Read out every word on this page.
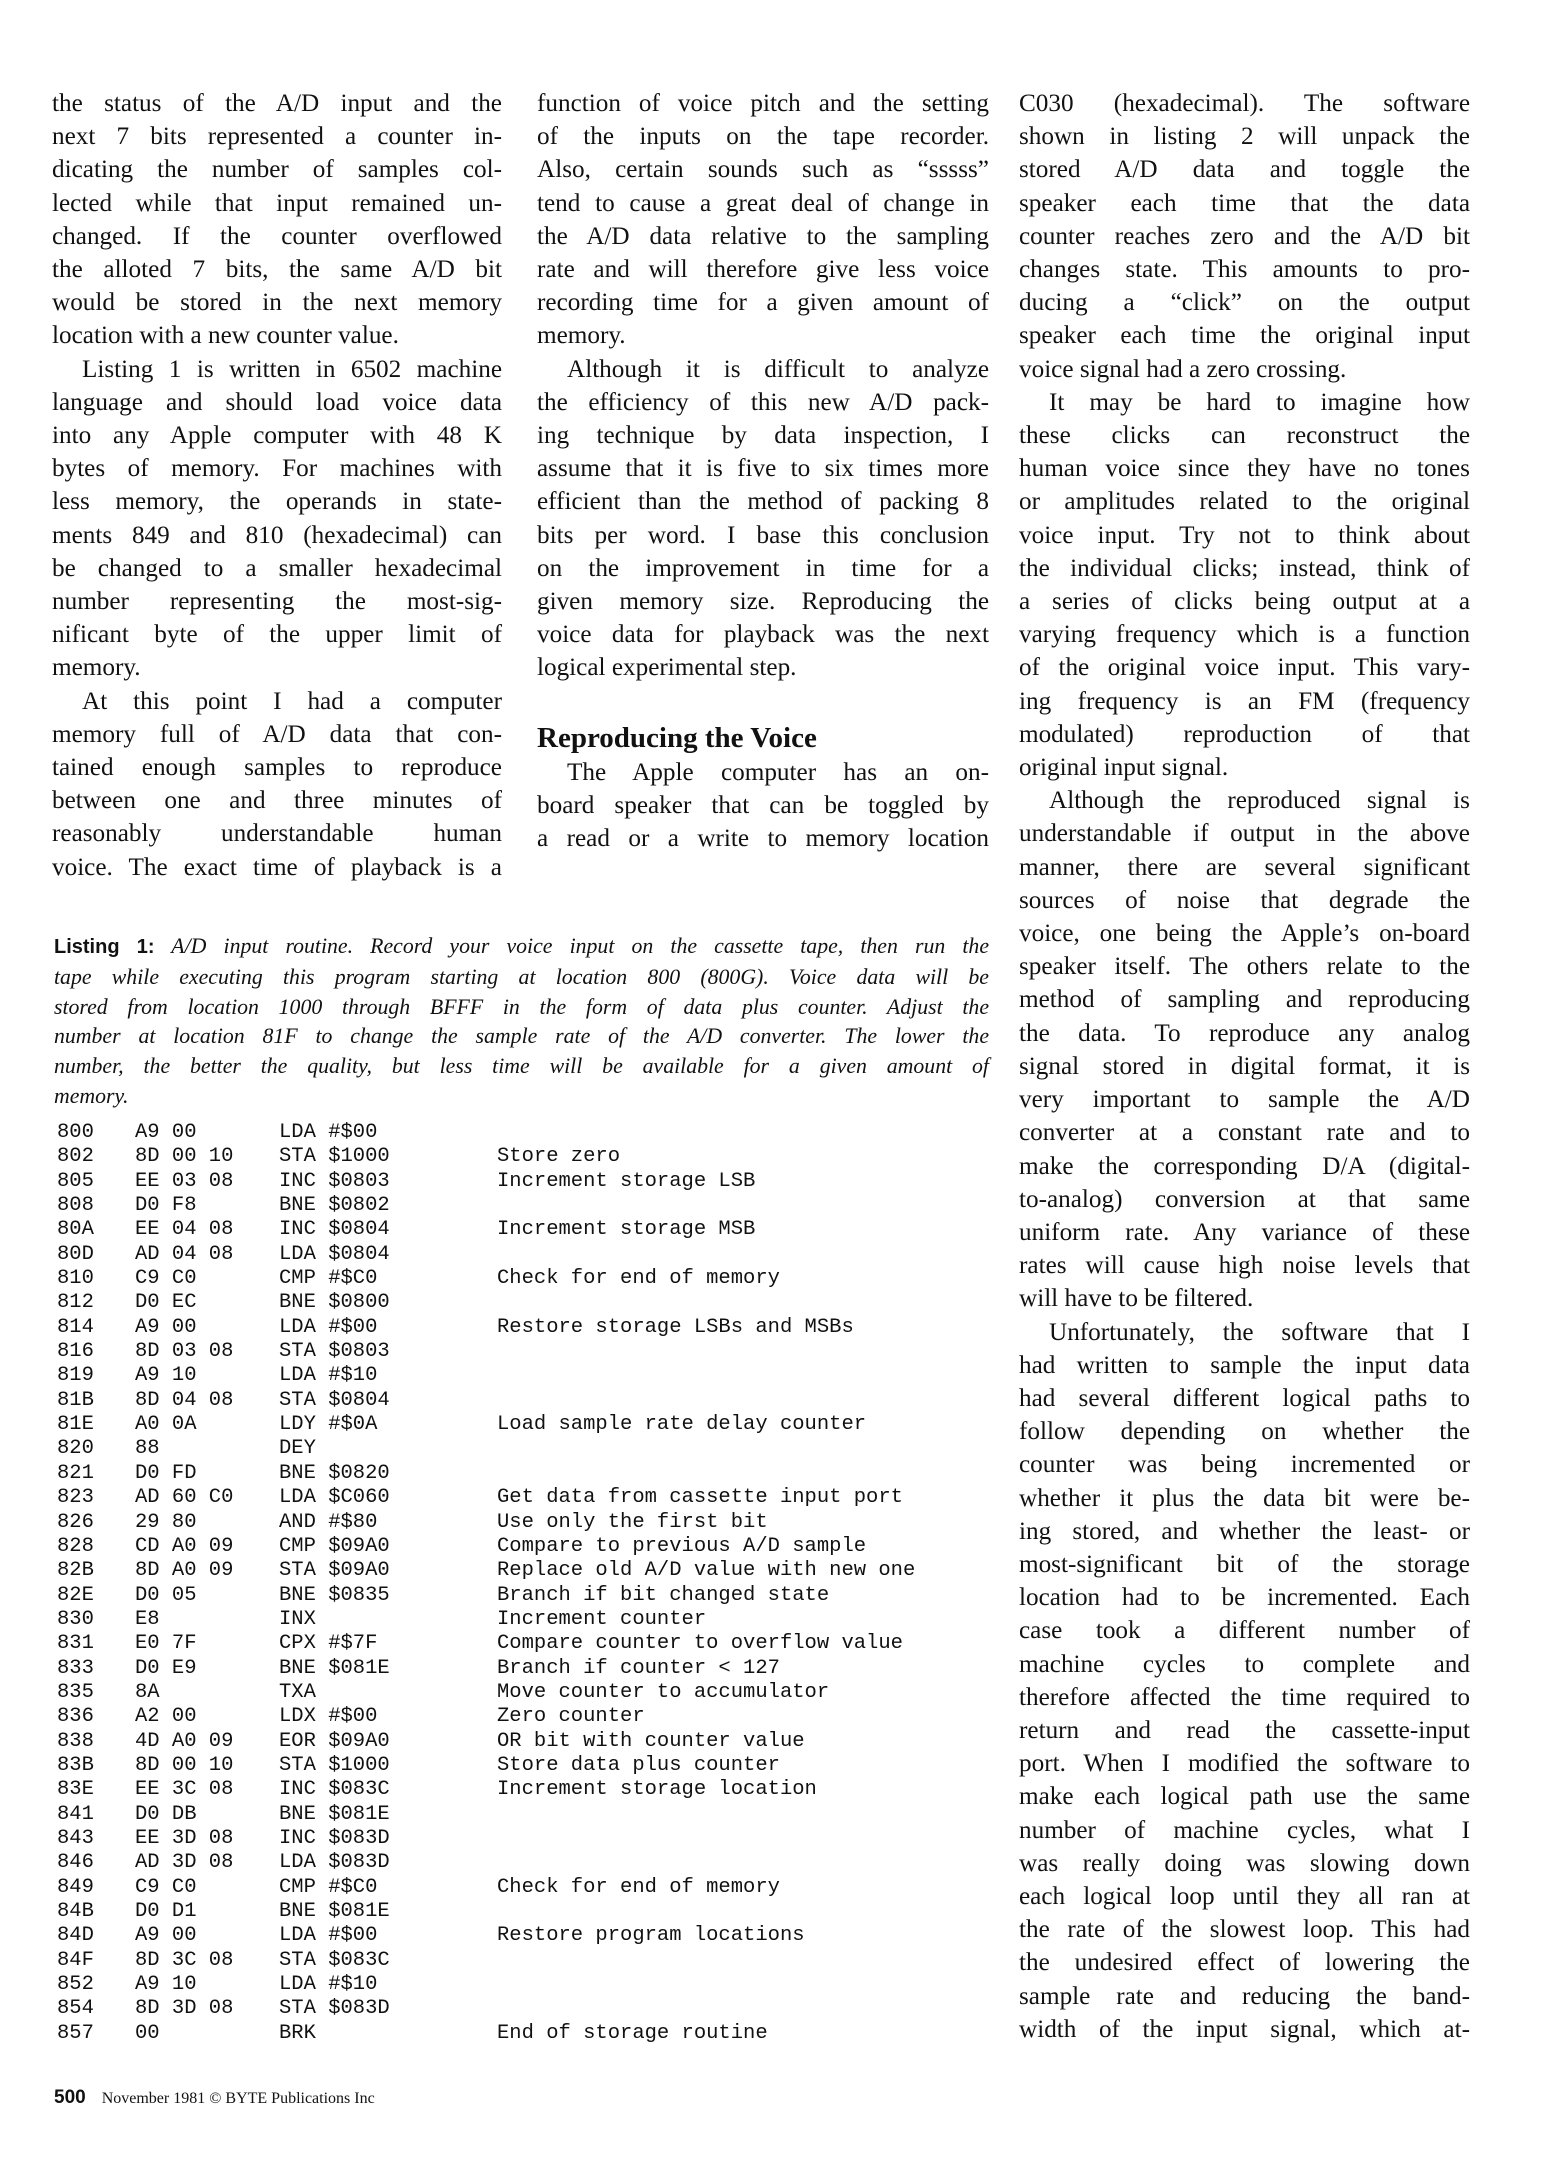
the status of the A/D input and the

next 7 bits represented a counter in-

dicating the number of samples col-

lected while that input remained un-

changed. If the counter overflowed

the alloted 7 bits, the same A/D bit

would be stored in the next memory

location with a new counter value.

Listing 1 is written in 6502 machine

language and should load voice data

into any Apple computer with 48 K

bytes of memory. For machines with

less memory, the operands in state-

ments 849 and 810 (hexadecimal) can

be changed to a smaller hexadecimal

number representing the most-sig-

nificant byte of the upper limit of

memory.

At this point I had a computer

memory full of A/D data that con-

tained enough samples to reproduce

between one and three minutes of

reasonably understandable human

voice. The exact time of playback is a

function of voice pitch and the setting

of the inputs on the tape recorder.

Also, certain sounds such as “sssss”

tend to cause a great deal of change in

the A/D data relative to the sampling

rate and will therefore give less voice

recording time for a given amount of

memory.

Although it is difficult to analyze

the efficiency of this new A/D pack-

ing technique by data inspection, I

assume that it is five to six times more

efficient than the method of packing 8

bits per word. I base this conclusion

on the improvement in time for a

given memory size. Reproducing the

voice data for playback was the next

logical experimental step.

Reproducing the Voice

The Apple computer has an on-

board speaker that can be toggled by

a read or a write to memory location

C030 (hexadecimal). The software

shown in listing 2 will unpack the

stored A/D data and toggle the

speaker each time that the data

counter reaches zero and the A/D bit

changes state. This amounts to pro-

ducing a “click” on the output

speaker each time the original input

voice signal had a zero crossing.

It may be hard to imagine how

these clicks can reconstruct the

human voice since they have no tones

or amplitudes related to the original

voice input. Try not to think about

the individual clicks; instead, think of

a series of clicks being output at a

varying frequency which is a function

of the original voice input. This vary-

ing frequency is an FM (frequency

modulated) reproduction of that

original input signal.

Although the reproduced signal is

understandable if output in the above

manner, there are several significant

sources of noise that degrade the

voice, one being the Apple’s on-board

speaker itself. The others relate to the

method of sampling and reproducing

the data. To reproduce any analog

signal stored in digital format, it is

very important to sample the A/D

converter at a constant rate and to

make the corresponding D/A (digital-

to-analog) conversion at that same

uniform rate. Any variance of these

rates will cause high noise levels that

will have to be filtered.

Unfortunately, the software that I

had written to sample the input data

had several different logical paths to

follow depending on whether the

counter was being incremented or

whether it plus the data bit were be-

ing stored, and whether the least- or

most-significant bit of the storage

location had to be incremented. Each

case took a different number of

machine cycles to complete and

therefore affected the time required to

return and read the cassette-input

port. When I modified the software to

make each logical path use the same

number of machine cycles, what I

was really doing was slowing down

each logical loop until they all ran at

the rate of the slowest loop. This had

the undesired effect of lowering the

sample rate and reducing the band-

width of the input signal, which at-

Listing 1: A/D input routine. Record your voice input on the cassette tape, then run the
tape while executing this program starting at location 800 (800G). Voice data will be
stored from location 1000 through BFFF in the form of data plus counter. Adjust the
number at location 81F to change the sample rate of the A/D converter. The lower the
number, the better the quality, but less time will be available for a given amount of
memory.
800 A9 00	LDA #$00
802 8D 00 10 STA $1000	Store zero
805 EE 03 08 INC $0803	Increment storage LSB
808 D0 F8	BNE $0802
80A EE 04 08 INC $0804	Increment storage MSB
80D AD 04 08 LDA $0804
810 C9 C0	CMP #$C0	Check for end of memory
812 D0 EC	BNE $0800
814 A9 00	LDA #$00	Restore storage LSBs and MSBs
816 8D 03 08 STA $0803
819 A9 10	LDA #$10
81B 8D 04 08 STA $0804
81E A0 0A	LDY #$0A	Load sample rate delay counter
820 88	DEY
821 D0 FD	BNE $0820
823 AD 60 C0 LDA $C060	Get data from cassette input port
826 29 80	AND #$80	Use only the first bit
828 CD A0 09 CMP $09A0	Compare to previous A/D sample
82B 8D A0 09 STA $09A0	Replace old A/D value with new one
82E D0 05	BNE $0835	Branch if bit changed state
830 E8	INX	Increment counter
831 E0 7F	CPX #$7F	Compare counter to overflow value
833 D0 E9	BNE $081E	Branch if counter < 127
835 8A	TXA	Move counter to accumulator
836 A2 00	LDX #$00	Zero counter
838 4D A0 09 EOR $09A0	OR bit with counter value
83B 8D 00 10 STA $1000	Store data plus counter
83E EE 3C 08 INC $083C	Increment storage location
841 D0 DB	BNE $081E
843 EE 3D 08 INC $083D
846 AD 3D 08 LDA $083D
849 C9 C0	CMP #$C0	Check for end of memory
84B D0 D1	BNE $081E
84D A9 00	LDA #$00	Restore program locations
84F 8D 3C 08 STA $083C
852 A9 10	LDA #$10
854 8D 3D 08 STA $083D
857 00	BRK	End of storage routine
500 November 1981 © BYTE Publications Inc
